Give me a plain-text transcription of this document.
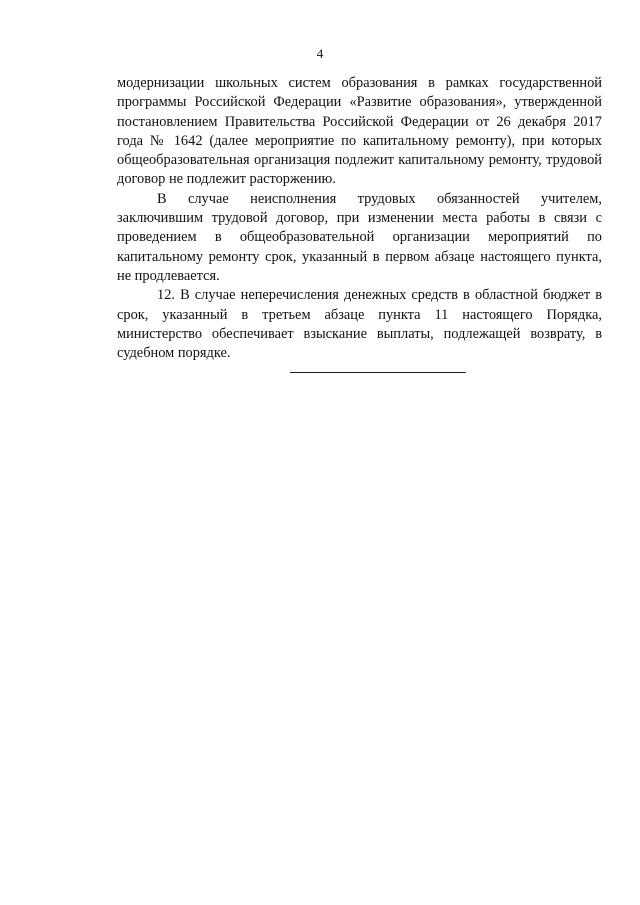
4

модернизации школьных систем образования в рамках государственной программы Российской Федерации «Развитие образования», утвержденной постановлением Правительства Российской Федерации от 26 декабря 2017 года № 1642 (далее мероприятие по капитальному ремонту), при которых общеобразовательная организация подлежит капитальному ремонту, трудовой договор не подлежит расторжению.

В случае неисполнения трудовых обязанностей учителем, заключившим трудовой договор, при изменении места работы в связи с проведением в общеобразовательной организации мероприятий по капитальному ремонту срок, указанный в первом абзаце настоящего пункта, не продлевается.

12. В случае неперечисления денежных средств в областной бюджет в срок, указанный в третьем абзаце пункта 11 настоящего Порядка, министерство обеспечивает взыскание выплаты, подлежащей возврату, в судебном порядке.
